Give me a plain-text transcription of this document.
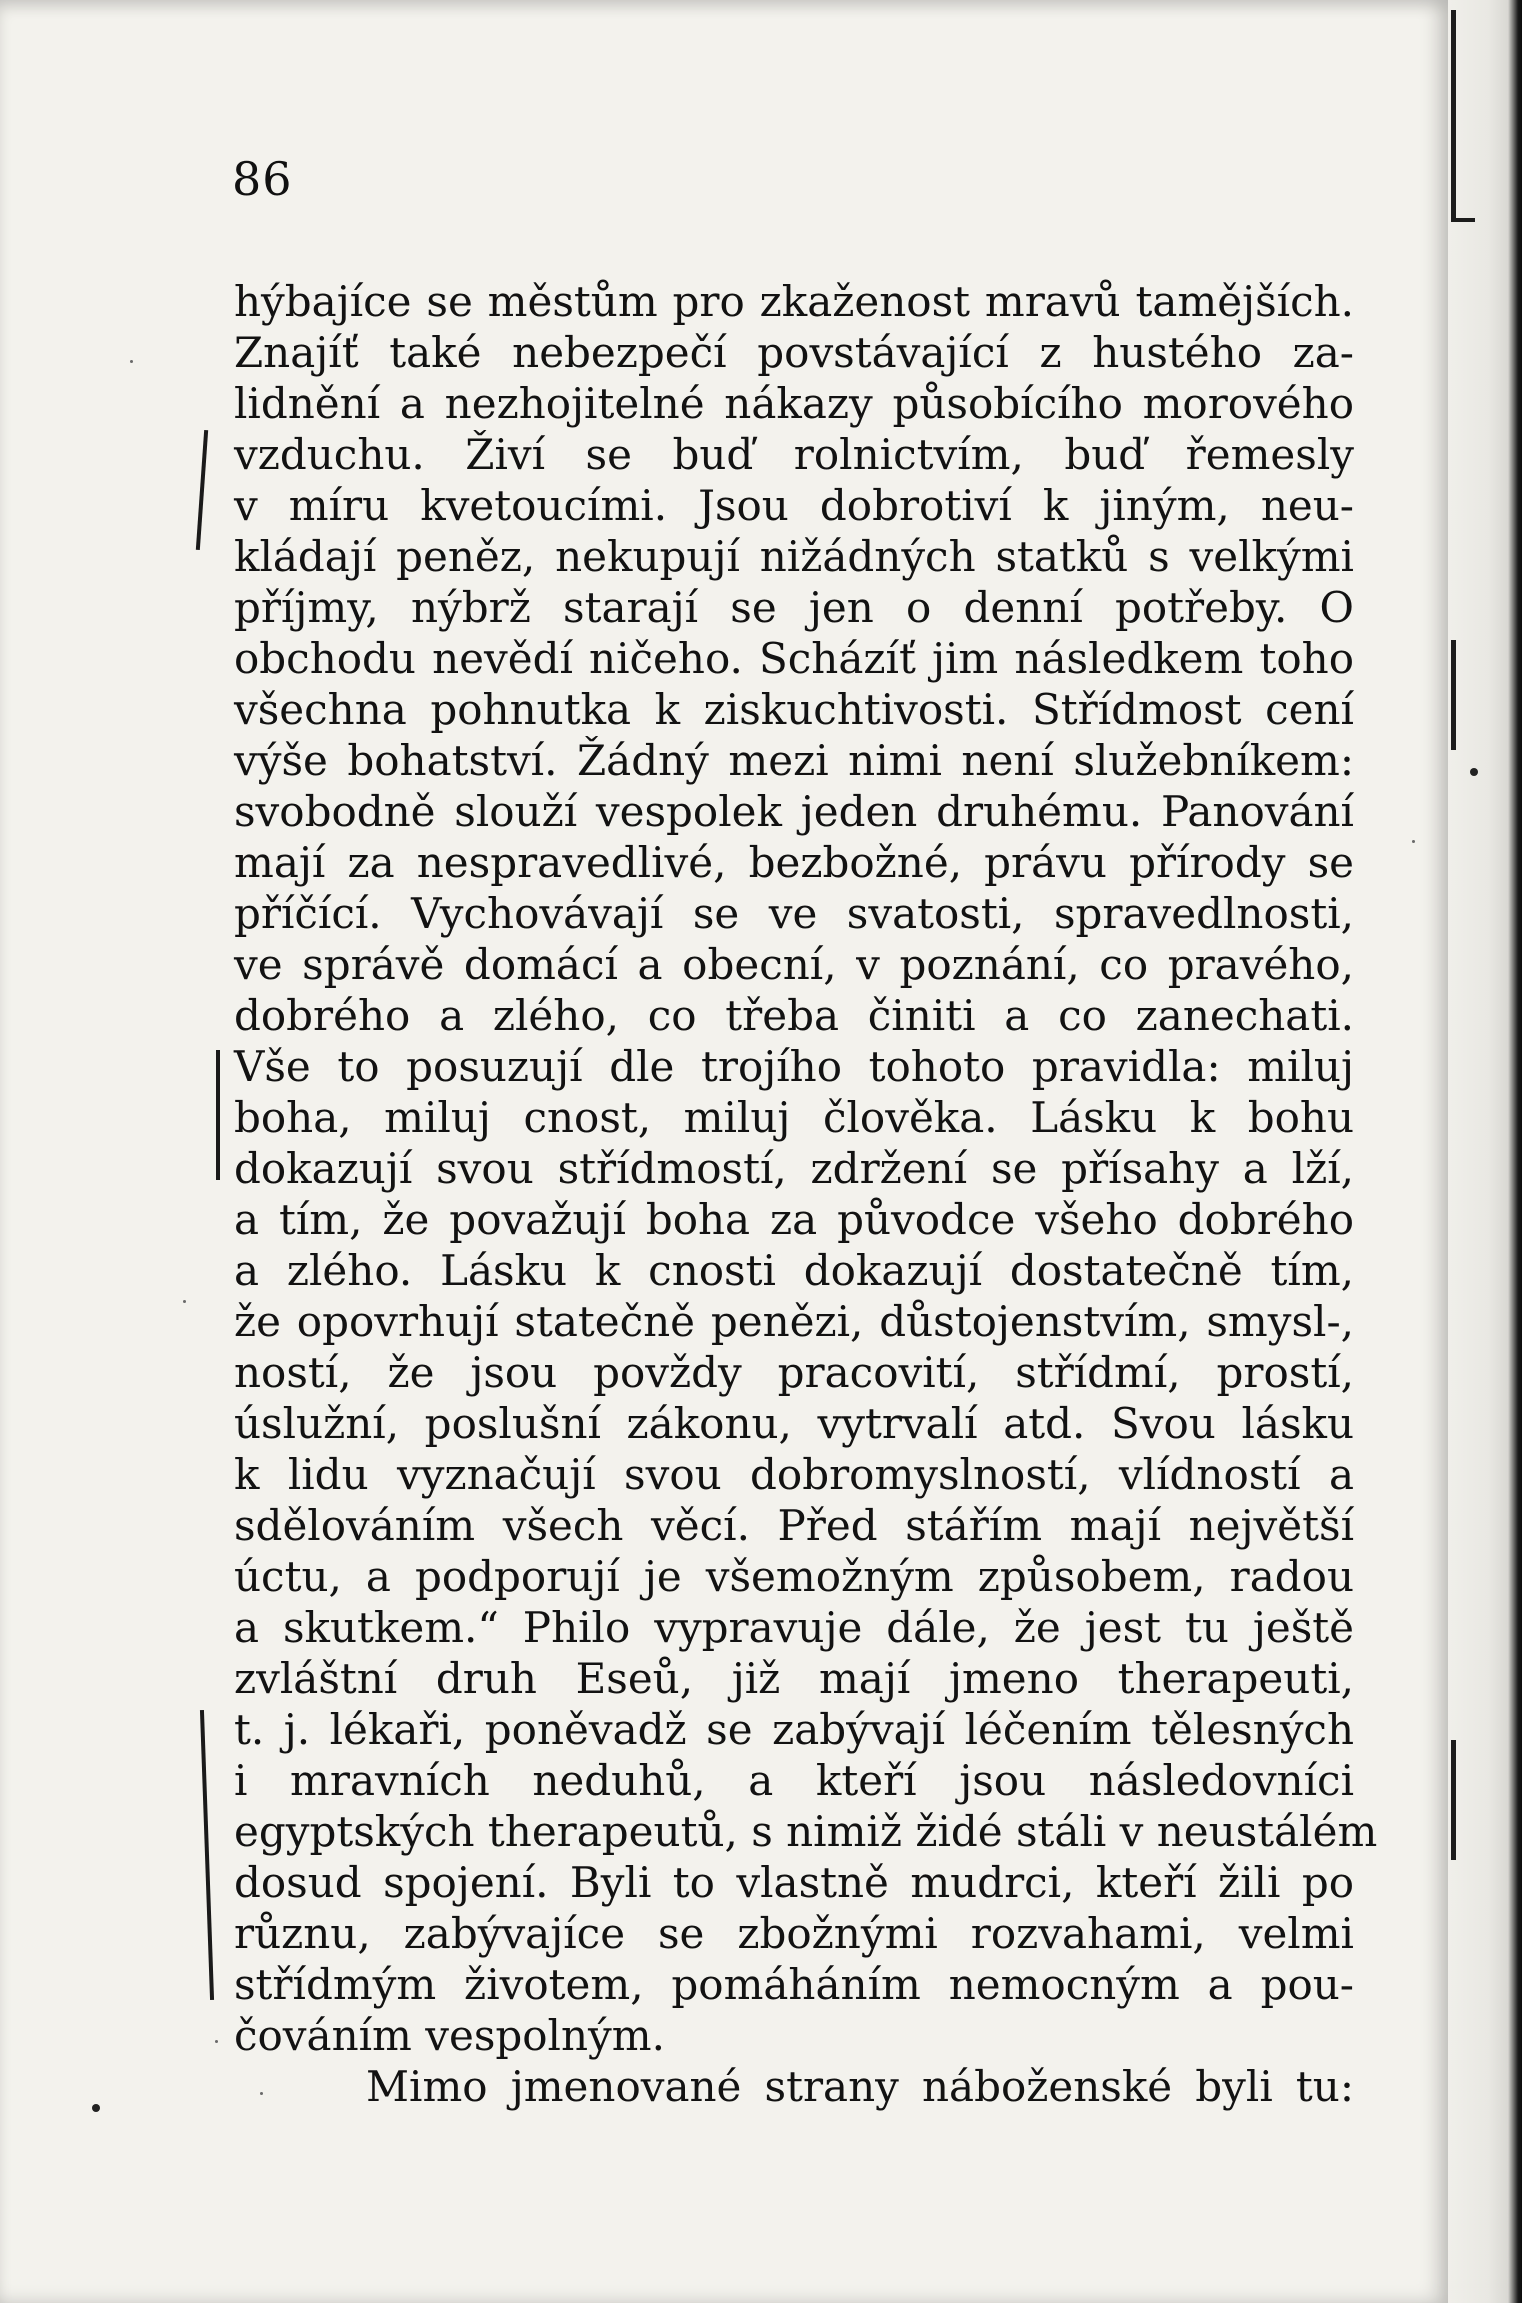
86
hýbajíce se městům pro zkaženost mravů tamějších.
Znajíť také nebezpečí povstávající z hustého za-
lidnění a nezhojitelné nákazy působícího morového
vzduchu. Živí se buď rolnictvím, buď řemesly
v míru kvetoucími. Jsou dobrotiví k jiným, neu-
kládají peněz, nekupují nižádných statků s velkými
příjmy, nýbrž starají se jen o denní potřeby. O
obchodu nevědí ničeho. Scházíť jim následkem toho
všechna pohnutka k ziskuchtivosti. Střídmost cení
výše bohatství. Žádný mezi nimi není služebníkem:
svobodně slouží vespolek jeden druhému. Panování
mají za nespravedlivé, bezbožné, právu přírody se
příčící. Vychovávají se ve svatosti, spravedlnosti,
ve správě domácí a obecní, v poznání, co pravého,
dobrého a zlého, co třeba činiti a co zanechati.
Vše to posuzují dle trojího tohoto pravidla: miluj
boha, miluj cnost, miluj člověka. Lásku k bohu
dokazují svou střídmostí, zdržení se přísahy a lží,
a tím, že považují boha za původce všeho dobrého
a zlého. Lásku k cnosti dokazují dostatečně tím,
že opovrhují statečně penězi, důstojenstvím, smysl-,
ností, že jsou povždy pracovití, střídmí, prostí,
úslužní, poslušní zákonu, vytrvalí atd. Svou lásku
k lidu vyznačují svou dobromyslností, vlídností a
sdělováním všech věcí. Před stářím mají největší
úctu, a podporují je všemožným způsobem, radou
a skutkem.“ Philo vypravuje dále, že jest tu ještě
zvláštní druh Eseů, již mají jmeno therapeuti,
t. j. lékaři, poněvadž se zabývají léčením tělesných
i mravních neduhů, a kteří jsou následovníci
egyptských therapeutů, s nimiž židé stáli v neustálém
dosud spojení. Byli to vlastně mudrci, kteří žili po
různu, zabývajíce se zbožnými rozvahami, velmi
střídmým životem, pomáháním nemocným a pou-
čováním vespolným.
Mimo jmenované strany náboženské byli tu:
